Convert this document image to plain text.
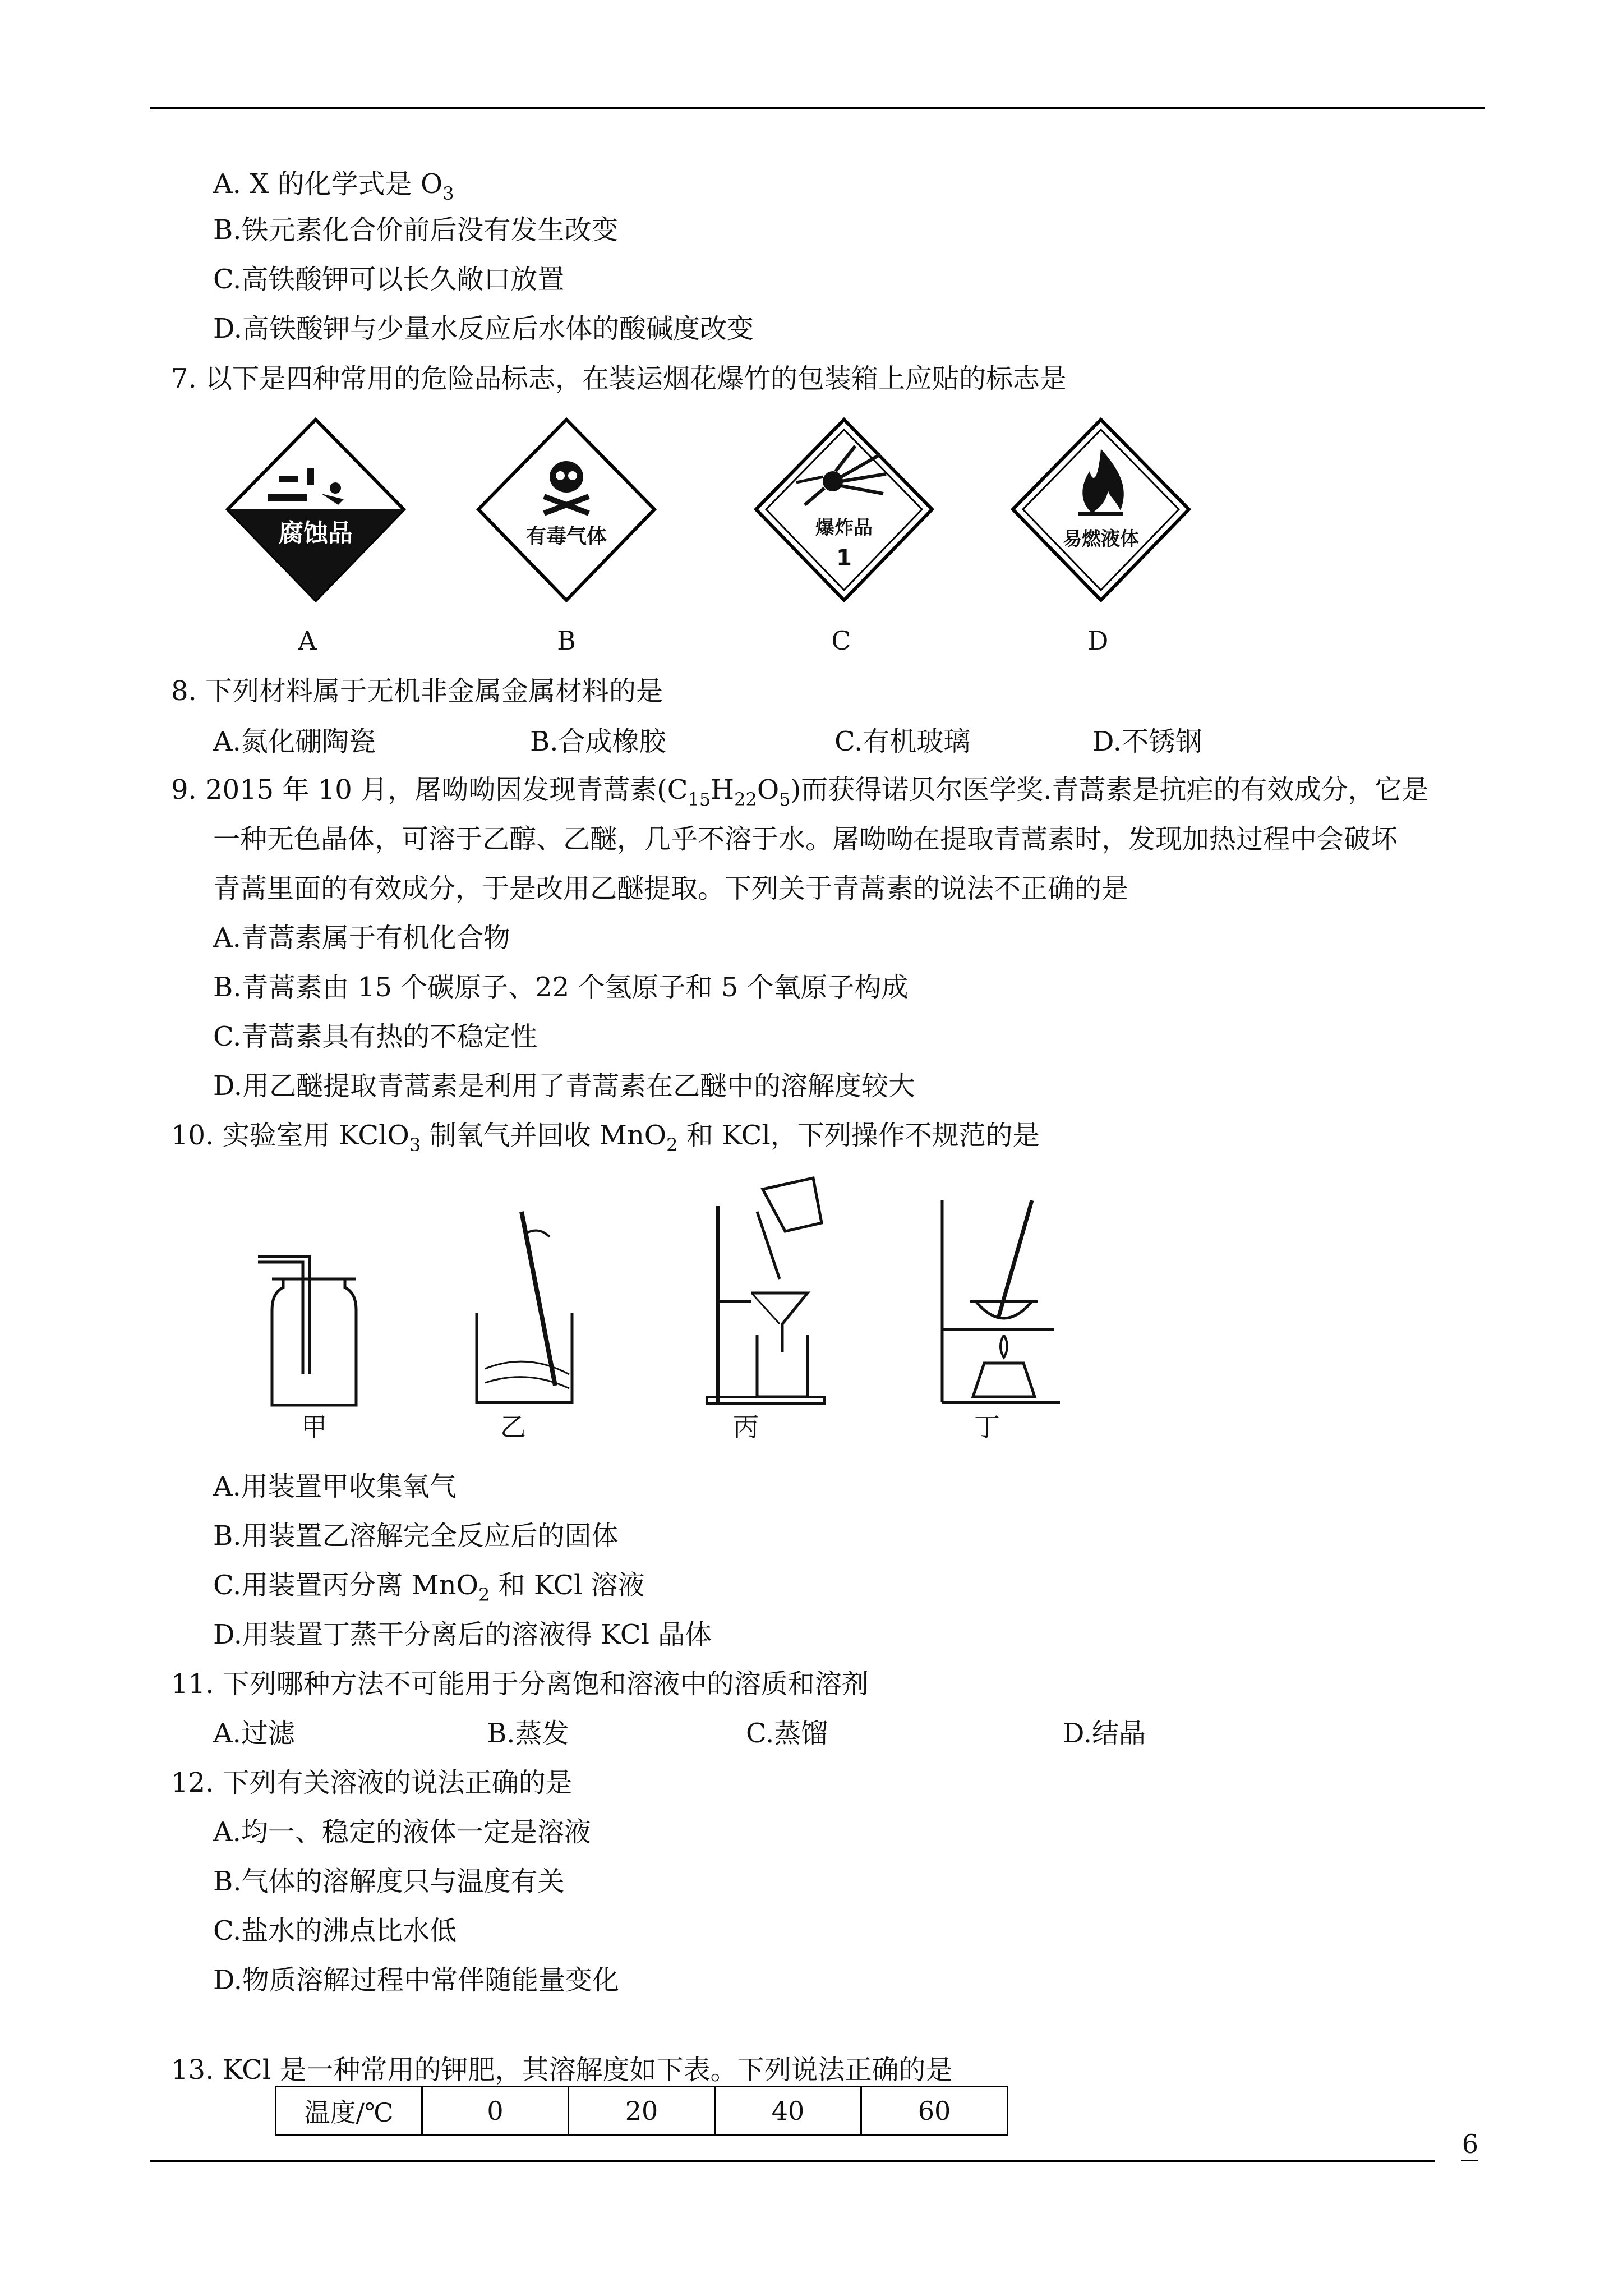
A. X 的化学式是 $O_3$
B.铁元素化合价前后没有发生改变
C.高铁酸钾可以长久敞口放置
D.高铁酸钾与少量水反应后水体的酸碱度改变
7. 以下是四种常用的危险品标志，在装运烟花爆竹的包装箱上应贴的标志是
腐蚀品	有毒气体	爆炸品
1
易燃液体
A	B	C	D
8. 下列材料属于无机非金属金属材料的是
A.氮化硼陶瓷	B.合成橡胶	C.有机玻璃	D.不锈钢
9. 2015 年 10 月，屠呦呦因发现青蒿素$(C_{15}H_{22}O_5)$而获得诺贝尔医学奖.青蒿素是抗疟的有效成分，它是
一种无色晶体，可溶于乙醇、乙醚，几乎不溶于水。屠呦呦在提取青蒿素时，发现加热过程中会破坏
青蒿里面的有效成分，于是改用乙醚提取。下列关于青蒿素的说法不正确的是
A.青蒿素属于有机化合物
B.青蒿素由 15 个碳原子、22 个氢原子和 5 个氧原子构成
C.青蒿素具有热的不稳定性
D.用乙醚提取青蒿素是利用了青蒿素在乙醚中的溶解度较大
10. 实验室用 KClO$_3$ 制氧气并回收 MnO$_2$ 和 KCl，下列操作不规范的是
甲	乙	丙	丁
A.用装置甲收集氧气
B.用装置乙溶解完全反应后的固体
C.用装置丙分离 MnO$_2$ 和 KCl 溶液
D.用装置丁蒸干分离后的溶液得 KCl 晶体
11. 下列哪种方法不可能用于分离饱和溶液中的溶质和溶剂
A.过滤	B.蒸发	C.蒸馏	D.结晶
12. 下列有关溶液的说法正确的是
A.均一、稳定的液体一定是溶液
B.气体的溶解度只与温度有关
C.盐水的沸点比水低
D.物质溶解过程中常伴随能量变化
13. KCl 是一种常用的钾肥，其溶解度如下表。下列说法正确的是
温度/℃	0	20	40	60
6
